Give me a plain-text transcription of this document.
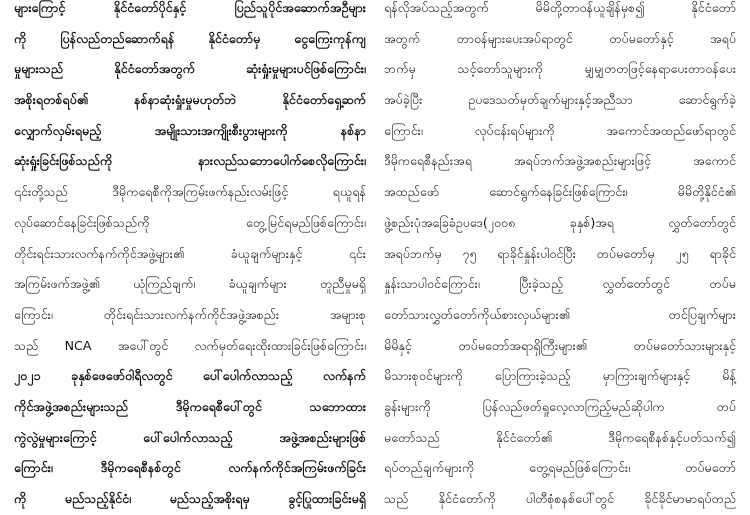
များကြောင့် နိုင်ငံတော်ပိုင်နှင့် ပြည်သူပိုင်အဆောက်အဦများ
ကို ပြန်လည်တည်ဆောက်ရန် နိုင်ငံတော်မှ ငွေကြေးကုန်ကျ
မှုများသည် နိုင်ငံတော်အတွက် ဆုံးရှုံးမှုများပင်ဖြစ်ကြောင်း၊
အစိုးရတစ်ရပ်၏ နစ်နာဆုံးရှုံးမှုမဟုတ်ဘဲ နိုင်ငံတော်ရှေ့ဆက်
လျှောက်လှမ်းရမည့် အမျိုးသားအကျိုးစီးပွားများကို နစ်နာ
ဆုံးရှုံးခြင်းဖြစ်သည်ကို နားလည်သဘောပေါက်စေလိုကြောင်း၊
၎င်းတို့သည် ဒီမိုကရေစီကိုအကြမ်းဖက်နည်းလမ်းဖြင့် ရယူရန်
လုပ်ဆောင်နေခြင်းဖြစ်သည်ကို တွေ့မြင်ရမည်ဖြစ်ကြောင်း၊
တိုင်းရင်းသားလက်နက်ကိုင်အဖွဲ့များ၏ ခံယူချက်များနှင့် ၎င်း
အကြမ်းဖက်အဖွဲ့၏ ယုံကြည်ချက်၊ ခံယူချက်များ တူညီမှုမရှိ
ကြောင်း၊ တိုင်းရင်းသားလက်နက်ကိုင်အဖွဲ့အစည်း အများစု
သည် NCA အပေါ်တွင် လက်မှတ်ရေးထိုးထားခြင်းဖြစ်ကြောင်း၊
၂၀၂၁ ခုနှစ်ဖေဖော်ဝါရီလတွင် ပေါ်ပေါက်လာသည့် လက်နက်
ကိုင်အဖွဲ့အစည်းများသည် ဒီမိုကရေစီပေါ်တွင် သဘောထား
ကွဲလွဲမှုများကြောင့် ပေါ်ပေါက်လာသည့် အဖွဲ့အစည်းများဖြစ်
ကြောင်း၊ ဒီမိုကရေစီနစ်တွင် လက်နက်ကိုင်အကြမ်းဖက်ခြင်း
ကို မည်သည့်နိုင်ငံ၊ မည်သည့်အစိုးရမှ ခွင့်ပြုထားခြင်းမရှိ
ရန်လိုအပ်သည့်အတွက် မိမိတို့တာဝန်ယူချိန်မှစ၍ နိုင်ငံတော်
အတွက် တာဝန်များပေးအပ်ရာတွင် တပ်မတော်နှင့် အရပ်
ဘက်မှ သင့်တော်သူများကို မျှမျှတတဖြင့်နေရာပေးတာဝန်ပေး
အပ်ခဲ့ပြီး ဥပဒေသတ်မှတ်ချက်များနှင့်အညီသာ ဆောင်ရွက်ခဲ့
ကြောင်း၊ လုပ်ငန်းရပ်များကို အကောင်အထည်ဖော်ရာတွင်
ဒီမိုကရေစီနည်းအရ အရပ်ဘက်အဖွဲ့အစည်းများဖြင့် အကောင်
အထည်ဖော် ဆောင်ရွက်နေခြင်းဖြစ်ကြောင်း၊ မိမိတို့နိုင်ငံ၏
ဖွဲ့စည်းပုံအခြေခံဥပဒေ(၂၀၀၈ ခုနှစ်)အရ လွှတ်တော်တွင်
အရပ်ဘက်မှ ၇၅ ရာခိုင်နှုန်းပါဝင်ပြီး တပ်မတော်မှ ၂၅ ရာခိုင်
နှုန်းသာပါဝင်ကြောင်း၊ ပြီးခဲ့သည့် လွှတ်တော်တွင် တပ်မ
တော်သားလွှတ်တော်ကိုယ်စားလှယ်များ၏ တင်ပြချက်များ
မိမိနှင့် တပ်မတော်အရာရှိကြီးများ၏ တပ်မတော်သားများနှင့်
မိသားစုဝင်များကို ပြောကြားခဲ့သည့် မှာကြားချက်များနှင့် မိန့်
ခွန်းများကို ပြန်လည်ဖတ်ရှုလေ့လာကြည့်မည်ဆိုပါက တပ်
မတော်သည် နိုင်ငံတော်၏ ဒီမိုကရေစီနစ်နှင့်ပတ်သက်၍
ရပ်တည်ချက်များကို တွေ့ရမည်ဖြစ်ကြောင်း၊ တပ်မတော်
သည် နိုင်ငံတော်ကို ပါတီစုံစနစ်ပေါ်တွင် ခိုင်ခိုင်မာမာရပ်တည်
